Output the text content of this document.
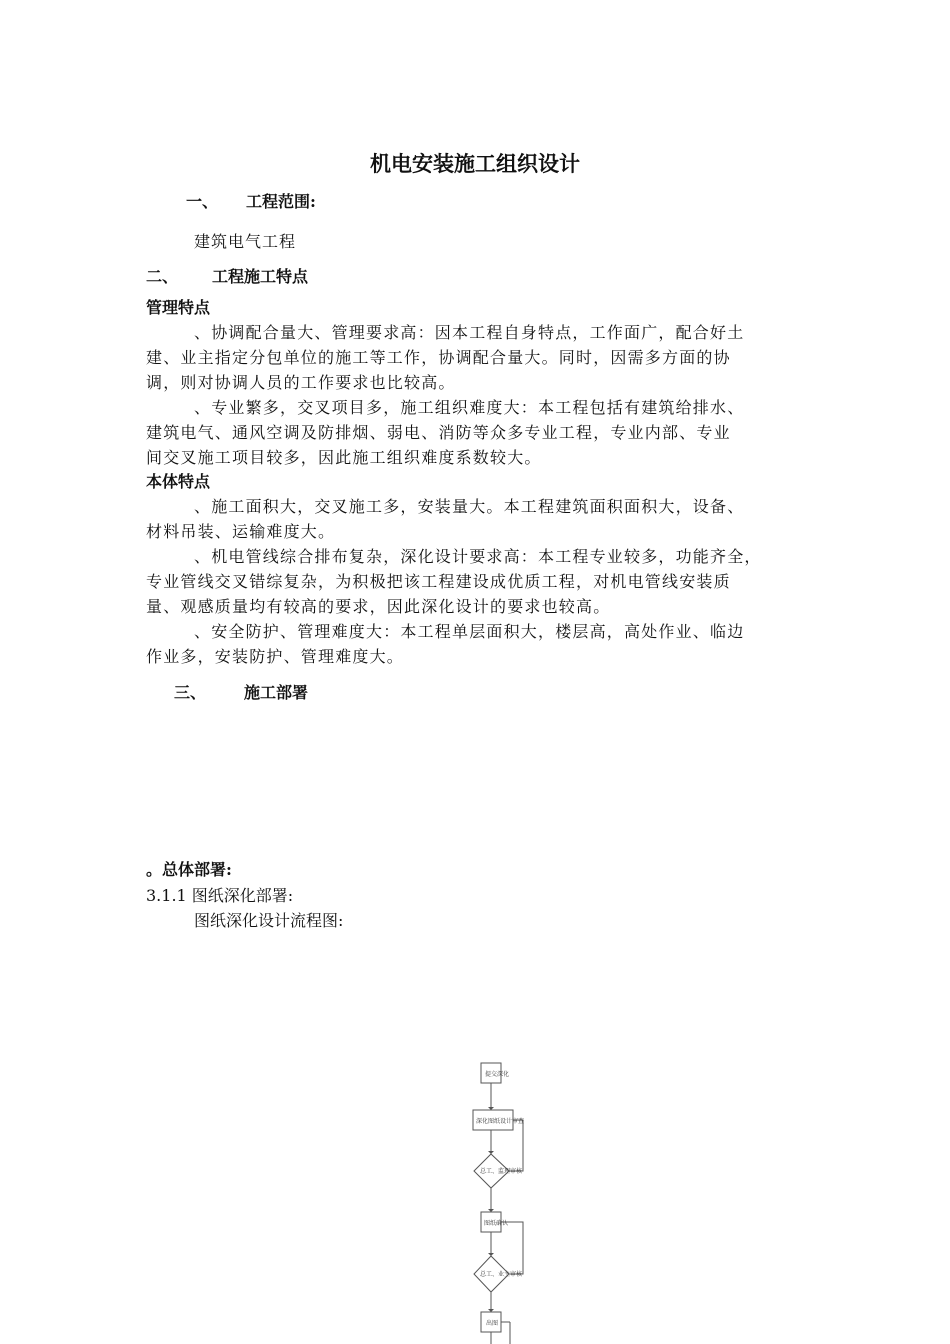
机电安装施工组织设计
一、 工程范围:
建筑电气工程
二、 工程施工特点
管理特点
、协调配合量大、管理要求高：因本工程自身特点，工作面广，配合好土
建、业主指定分包单位的施工等工作，协调配合量大。同时，因需多方面的协
调，则对协调人员的工作要求也比较高。
、专业繁多，交叉项目多，施工组织难度大：本工程包括有建筑给排水、
建筑电气、通风空调及防排烟、弱电、消防等众多专业工程，专业内部、专业
间交叉施工项目较多，因此施工组织难度系数较大。
本体特点
、施工面积大，交叉施工多，安装量大。本工程建筑面积面积大，设备、
材料吊装、运输难度大。
、机电管线综合排布复杂，深化设计要求高：本工程专业较多，功能齐全，
专业管线交叉错综复杂，为积极把该工程建设成优质工程，对机电管线安装质
量、观感质量均有较高的要求，因此深化设计的要求也较高。
、安全防护、管理难度大：本工程单层面积大，楼层高，高处作业、临边
作业多，安装防护、管理难度大。
三、 施工部署
。总体部署:
3.1.1 图纸深化部署:
图纸深化设计流程图:
提交深化
深化图纸设计审查
总工、监理审核
图纸确认
总工、业主审核
出图
